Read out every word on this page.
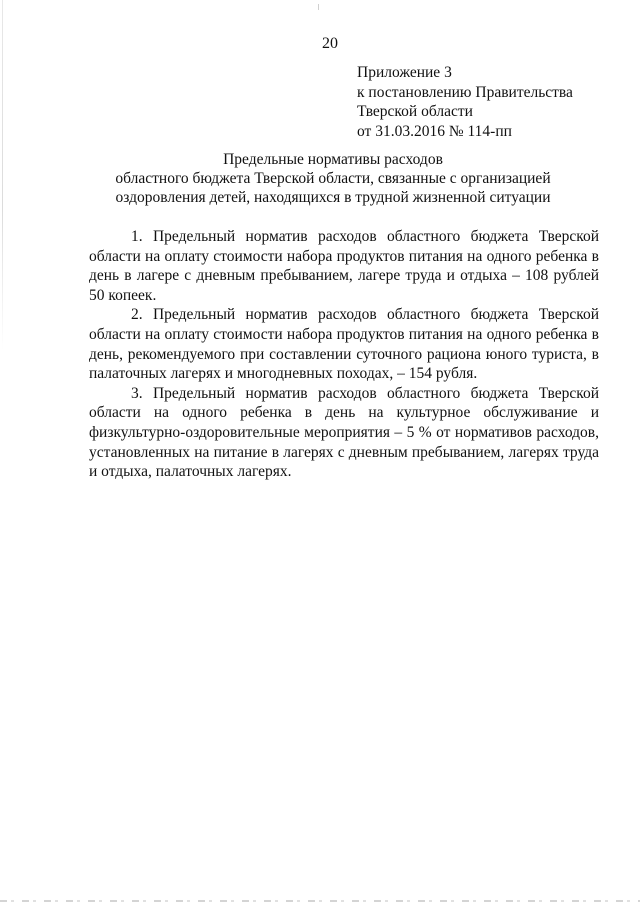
20
Приложение 3
к постановлению Правительства
Тверской области
от 31.03.2016 № 114-пп
Предельные нормативы расходов
областного бюджета Тверской области, связанные с организацией
оздоровления детей, находящихся в трудной жизненной ситуации

1. Предельный норматив расходов областного бюджета Тверской области на оплату стоимости набора продуктов питания на одного ребенка в день в лагере с дневным пребыванием, лагере труда и отдыха – 108 рублей 50 копеек.

2. Предельный норматив расходов областного бюджета Тверской области на оплату стоимости набора продуктов питания на одного ребенка в день, рекомендуемого при составлении суточного рациона юного туриста, в палаточных лагерях и многодневных походах, – 154 рубля.

3. Предельный норматив расходов областного бюджета Тверской области на одного ребенка в день на культурное обслуживание и физкультурно-оздоровительные мероприятия – 5 % от нормативов расходов, установленных на питание в лагерях с дневным пребыванием, лагерях труда и отдыха, палаточных лагерях.
